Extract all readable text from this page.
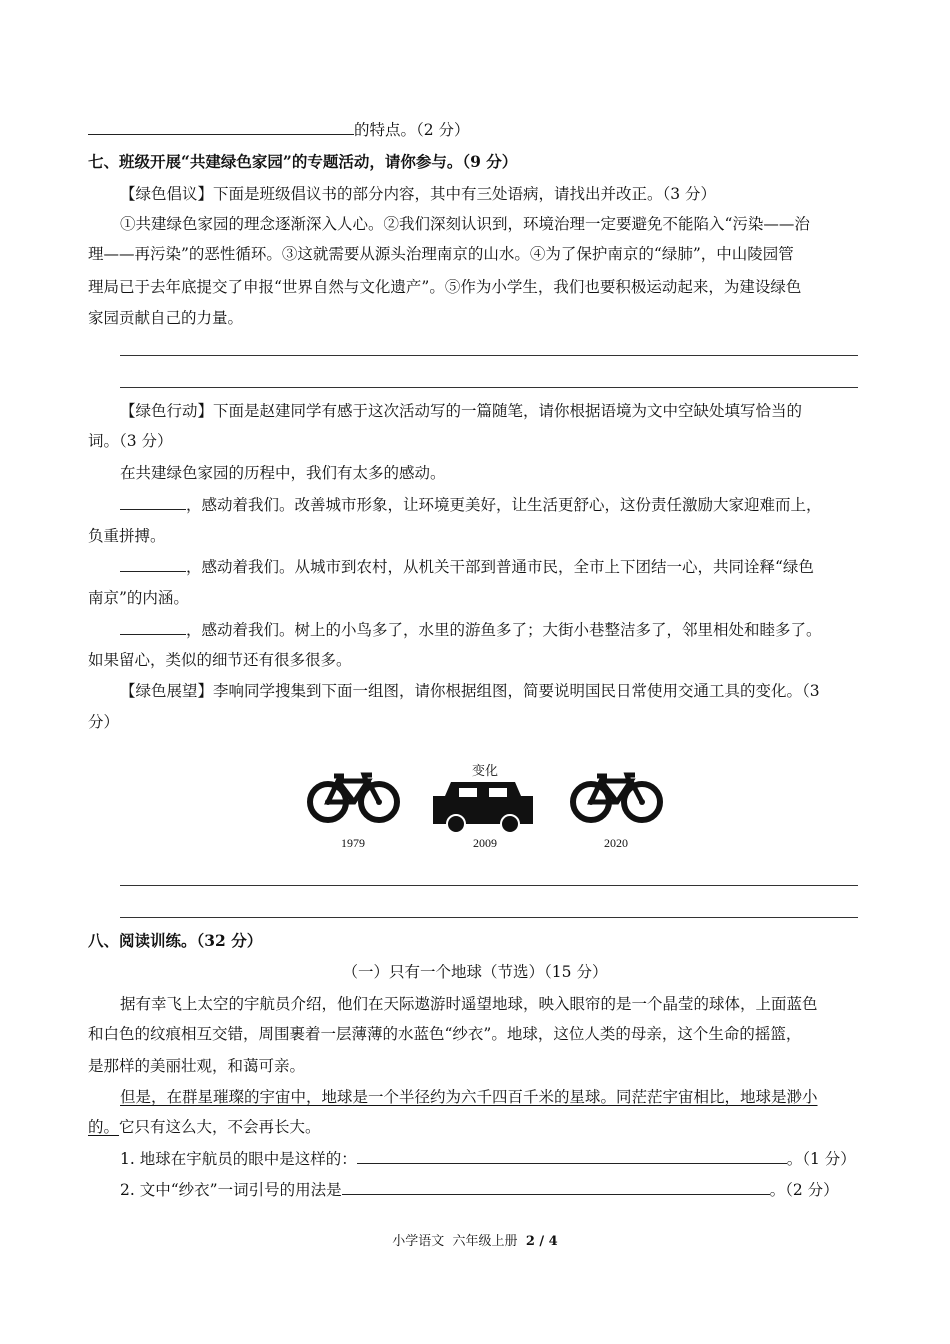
的特点。（2 分）
七、班级开展“共建绿色家园”的专题活动，请你参与。（9 分）
【绿色倡议】下面是班级倡议书的部分内容，其中有三处语病，请找出并改正。（3 分）
①共建绿色家园的理念逐渐深入人心。②我们深刻认识到，环境治理一定要避免不能陷入“污染——治
理——再污染”的恶性循环。③这就需要从源头治理南京的山水。④为了保护南京的“绿肺”，中山陵园管
理局已于去年底提交了申报“世界自然与文化遗产”。⑤作为小学生，我们也要积极运动起来，为建设绿色
家园贡献自己的力量。
【绿色行动】下面是赵建同学有感于这次活动写的一篇随笔，请你根据语境为文中空缺处填写恰当的
词。（3 分）
在共建绿色家园的历程中，我们有太多的感动。
，感动着我们。改善城市形象，让环境更美好，让生活更舒心，这份责任激励大家迎难而上，
负重拼搏。
，感动着我们。从城市到农村，从机关干部到普通市民，全市上下团结一心，共同诠释“绿色
南京”的内涵。
，感动着我们。树上的小鸟多了，水里的游鱼多了；大街小巷整洁多了，邻里相处和睦多了。
如果留心，类似的细节还有很多很多。
【绿色展望】李响同学搜集到下面一组图，请你根据组图，简要说明国民日常使用交通工具的变化。（3
分）
变化
1979	2009	2020
八、阅读训练。（32 分）
（一）只有一个地球（节选）（15 分）
据有幸飞上太空的宇航员介绍，他们在天际遨游时遥望地球，映入眼帘的是一个晶莹的球体，上面蓝色
和白色的纹痕相互交错，周围裹着一层薄薄的水蓝色“纱衣”。地球，这位人类的母亲，这个生命的摇篮，
是那样的美丽壮观，和蔼可亲。
但是，在群星璀璨的宇宙中，地球是一个半径约为六千四百千米的星球。同茫茫宇宙相比，地球是渺小
的。它只有这么大，不会再长大。
1. 地球在宇航员的眼中是这样的：	。（1 分）
2. 文中“纱衣”一词引号的用法是	。（2 分）
小学语文  六年级上册  2 / 4
